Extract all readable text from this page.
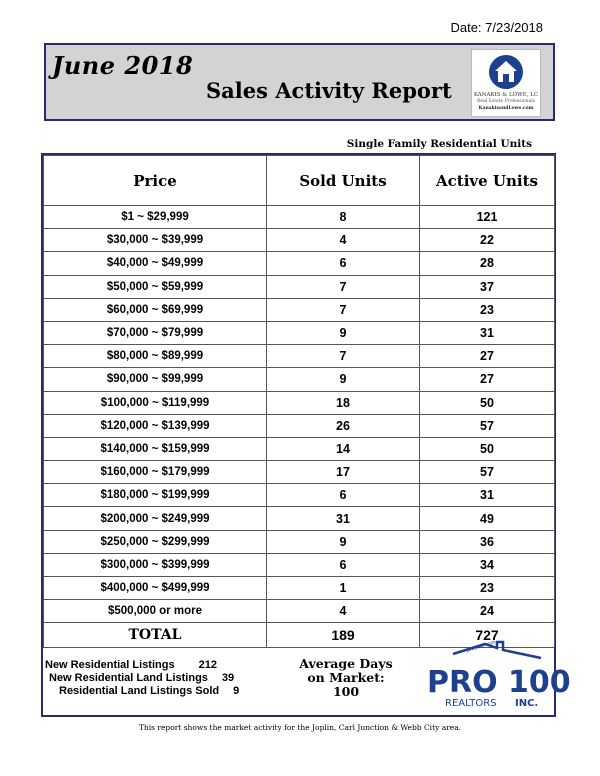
Date: 7/23/2018
June 2018
Sales Activity Report	KANAKIS & LOWE, LC
Real Estate Professionals
KanakisandLowe.com
Single Family Residential Units
Price	Sold Units	Active Units
$1 ~ $29,999	8	121
$30,000 ~ $39,999	4	22
$40,000 ~ $49,999	6	28
$50,000 ~ $59,999	7	37
$60,000 ~ $69,999	7	23
$70,000 ~ $79,999	9	31
$80,000 ~ $89,999	7	27
$90,000 ~ $99,999	9	27
$100,000 ~ $119,999	18	50
$120,000 ~ $139,999	26	57
$140,000 ~ $159,999	14	50
$160,000 ~ $179,999	17	57
$180,000 ~ $199,999	6	31
$200,000 ~ $249,999	31	49
$250,000 ~ $299,999	9	36
$300,000 ~ $399,999	6	34
$400,000 ~ $499,999	1	23
$500,000 or more	4	24
TOTAL	189	727
New Residential Listings 212
New Residential Land Listings 39
Residential Land Listings Sold 9
Average Days
on Market:
100
pro100.com
PRO 100
REALTORS INC.
This report shows the market activity for the Joplin, Carl Junction & Webb City area.
